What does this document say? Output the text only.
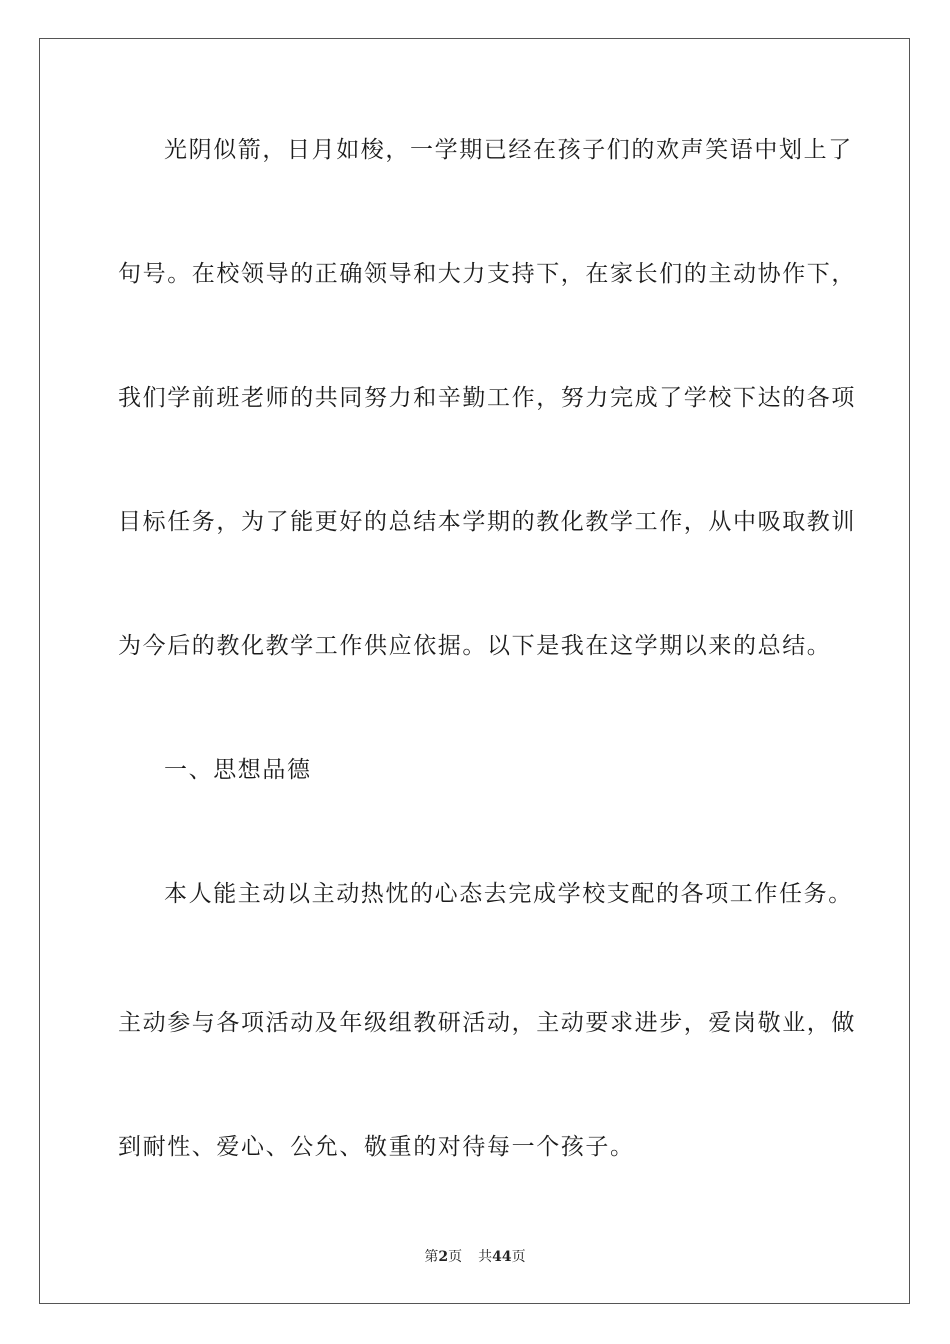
光阴似箭，日月如梭，一学期已经在孩子们的欢声笑语中划上了
句号。在校领导的正确领导和大力支持下，在家长们的主动协作下，
我们学前班老师的共同努力和辛勤工作，努力完成了学校下达的各项
目标任务，为了能更好的总结本学期的教化教学工作，从中吸取教训
为今后的教化教学工作供应依据。以下是我在这学期以来的总结。
一、思想品德
本人能主动以主动热忱的心态去完成学校支配的各项工作任务。
主动参与各项活动及年级组教研活动，主动要求进步，爱岗敬业，做
到耐性、爱心、公允、敬重的对待每一个孩子。
第2页 共44页
